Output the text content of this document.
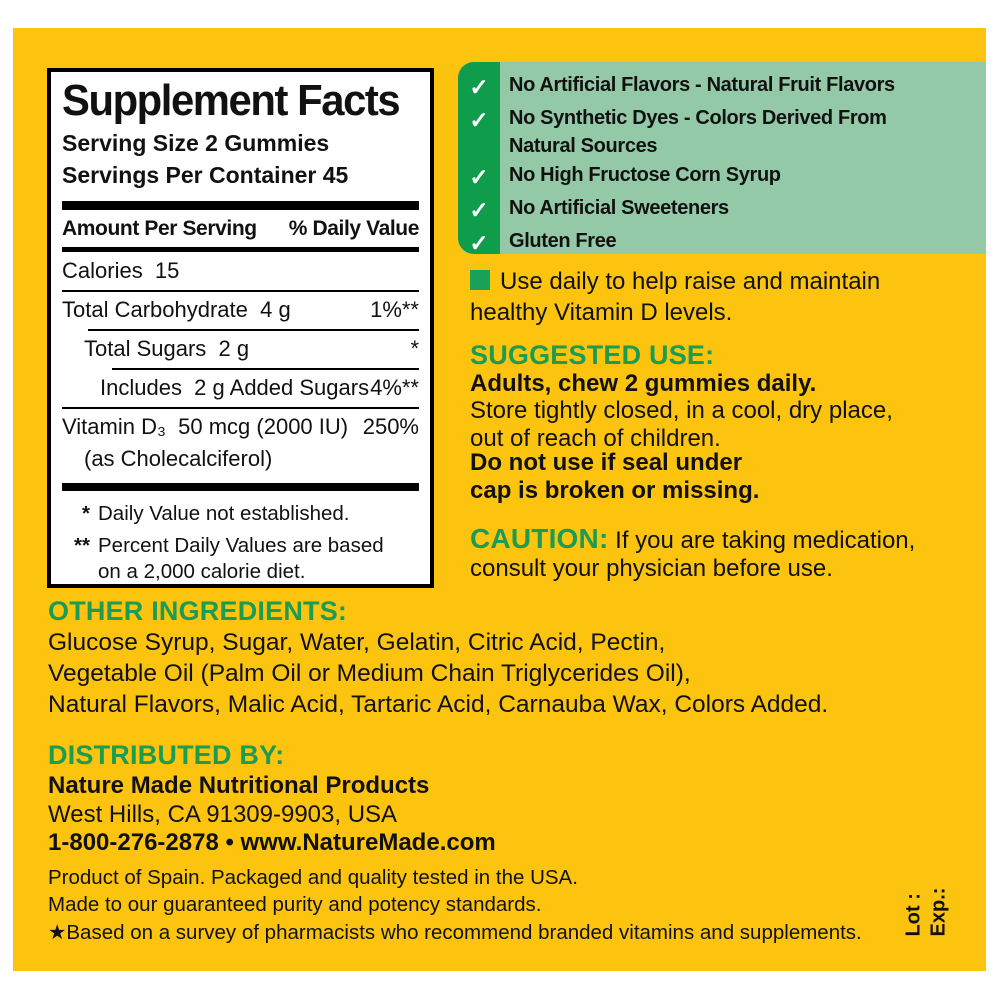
Supplement Facts
Serving Size 2 Gummies
Servings Per Container 45
Amount Per Serving % Daily Value
Calories  15
Total Carbohydrate  4 g	1%**
Total Sugars  2 g	*
Includes  2 g Added Sugars 4%**
Vitamin D₃  50 mcg (2000 IU) 250%
(as Cholecalciferol)
* Daily Value not established.
** Percent Daily Values are based
on a 2,000 calorie diet.
✓	No Artificial Flavors - Natural Fruit Flavors
✓	No Synthetic Dyes - Colors Derived From
Natural Sources
✓	No High Fructose Corn Syrup
✓	No Artificial Sweeteners
✓	Gluten Free
Use daily to help raise and maintain
healthy Vitamin D levels.
SUGGESTED USE:
Adults, chew 2 gummies daily.
Store tightly closed, in a cool, dry place,
out of reach of children.
Do not use if seal under
cap is broken or missing.
CAUTION: If you are taking medication, consult your physician before use.
OTHER INGREDIENTS:
Glucose Syrup, Sugar, Water, Gelatin, Citric Acid, Pectin,
Vegetable Oil (Palm Oil or Medium Chain Triglycerides Oil),
Natural Flavors, Malic Acid, Tartaric Acid, Carnauba Wax, Colors Added.
DISTRIBUTED BY:
Nature Made Nutritional Products
West Hills, CA 91309-9903, USA
1-800-276-2878 • www.NatureMade.com
Product of Spain. Packaged and quality tested in the USA.
Made to our guaranteed purity and potency standards.
★Based on a survey of pharmacists who recommend branded vitamins and supplements.	Lot : Exp.:
